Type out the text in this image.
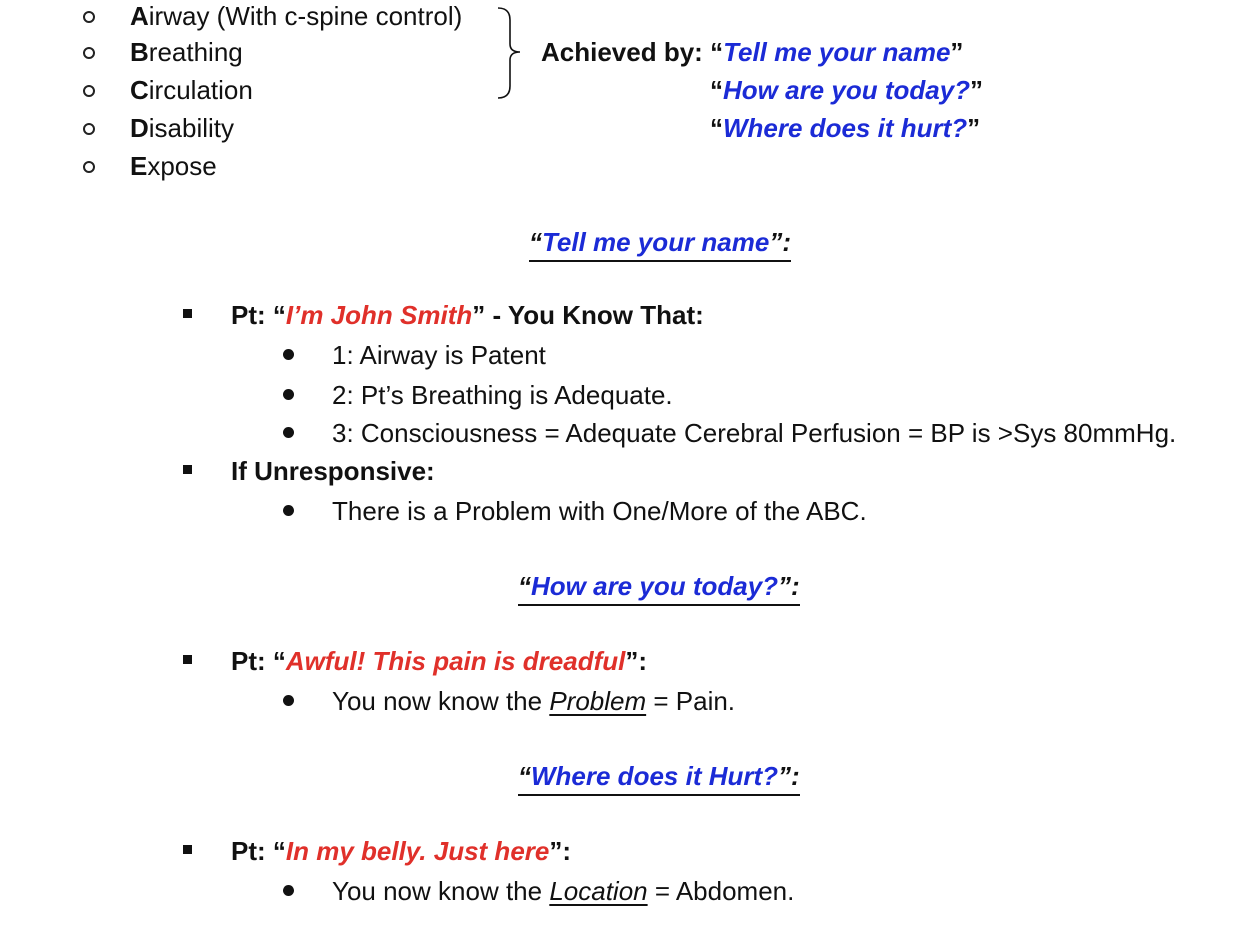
Airway (With c-spine control)
Breathing
Circulation
Disability
Expose
Achieved by: “Tell me your name”
“How are you today?”
“Where does it hurt?”
“Tell me your name”:
Pt: “I’m John Smith” - You Know That:
1: Airway is Patent
2: Pt’s Breathing is Adequate.
3: Consciousness = Adequate Cerebral Perfusion = BP is >Sys 80mmHg.
If Unresponsive:
There is a Problem with One/More of the ABC.
“How are you today?”:
Pt: “Awful! This pain is dreadful”:
You now know the Problem = Pain.
“Where does it Hurt?”:
Pt: “In my belly. Just here”:
You now know the Location = Abdomen.
